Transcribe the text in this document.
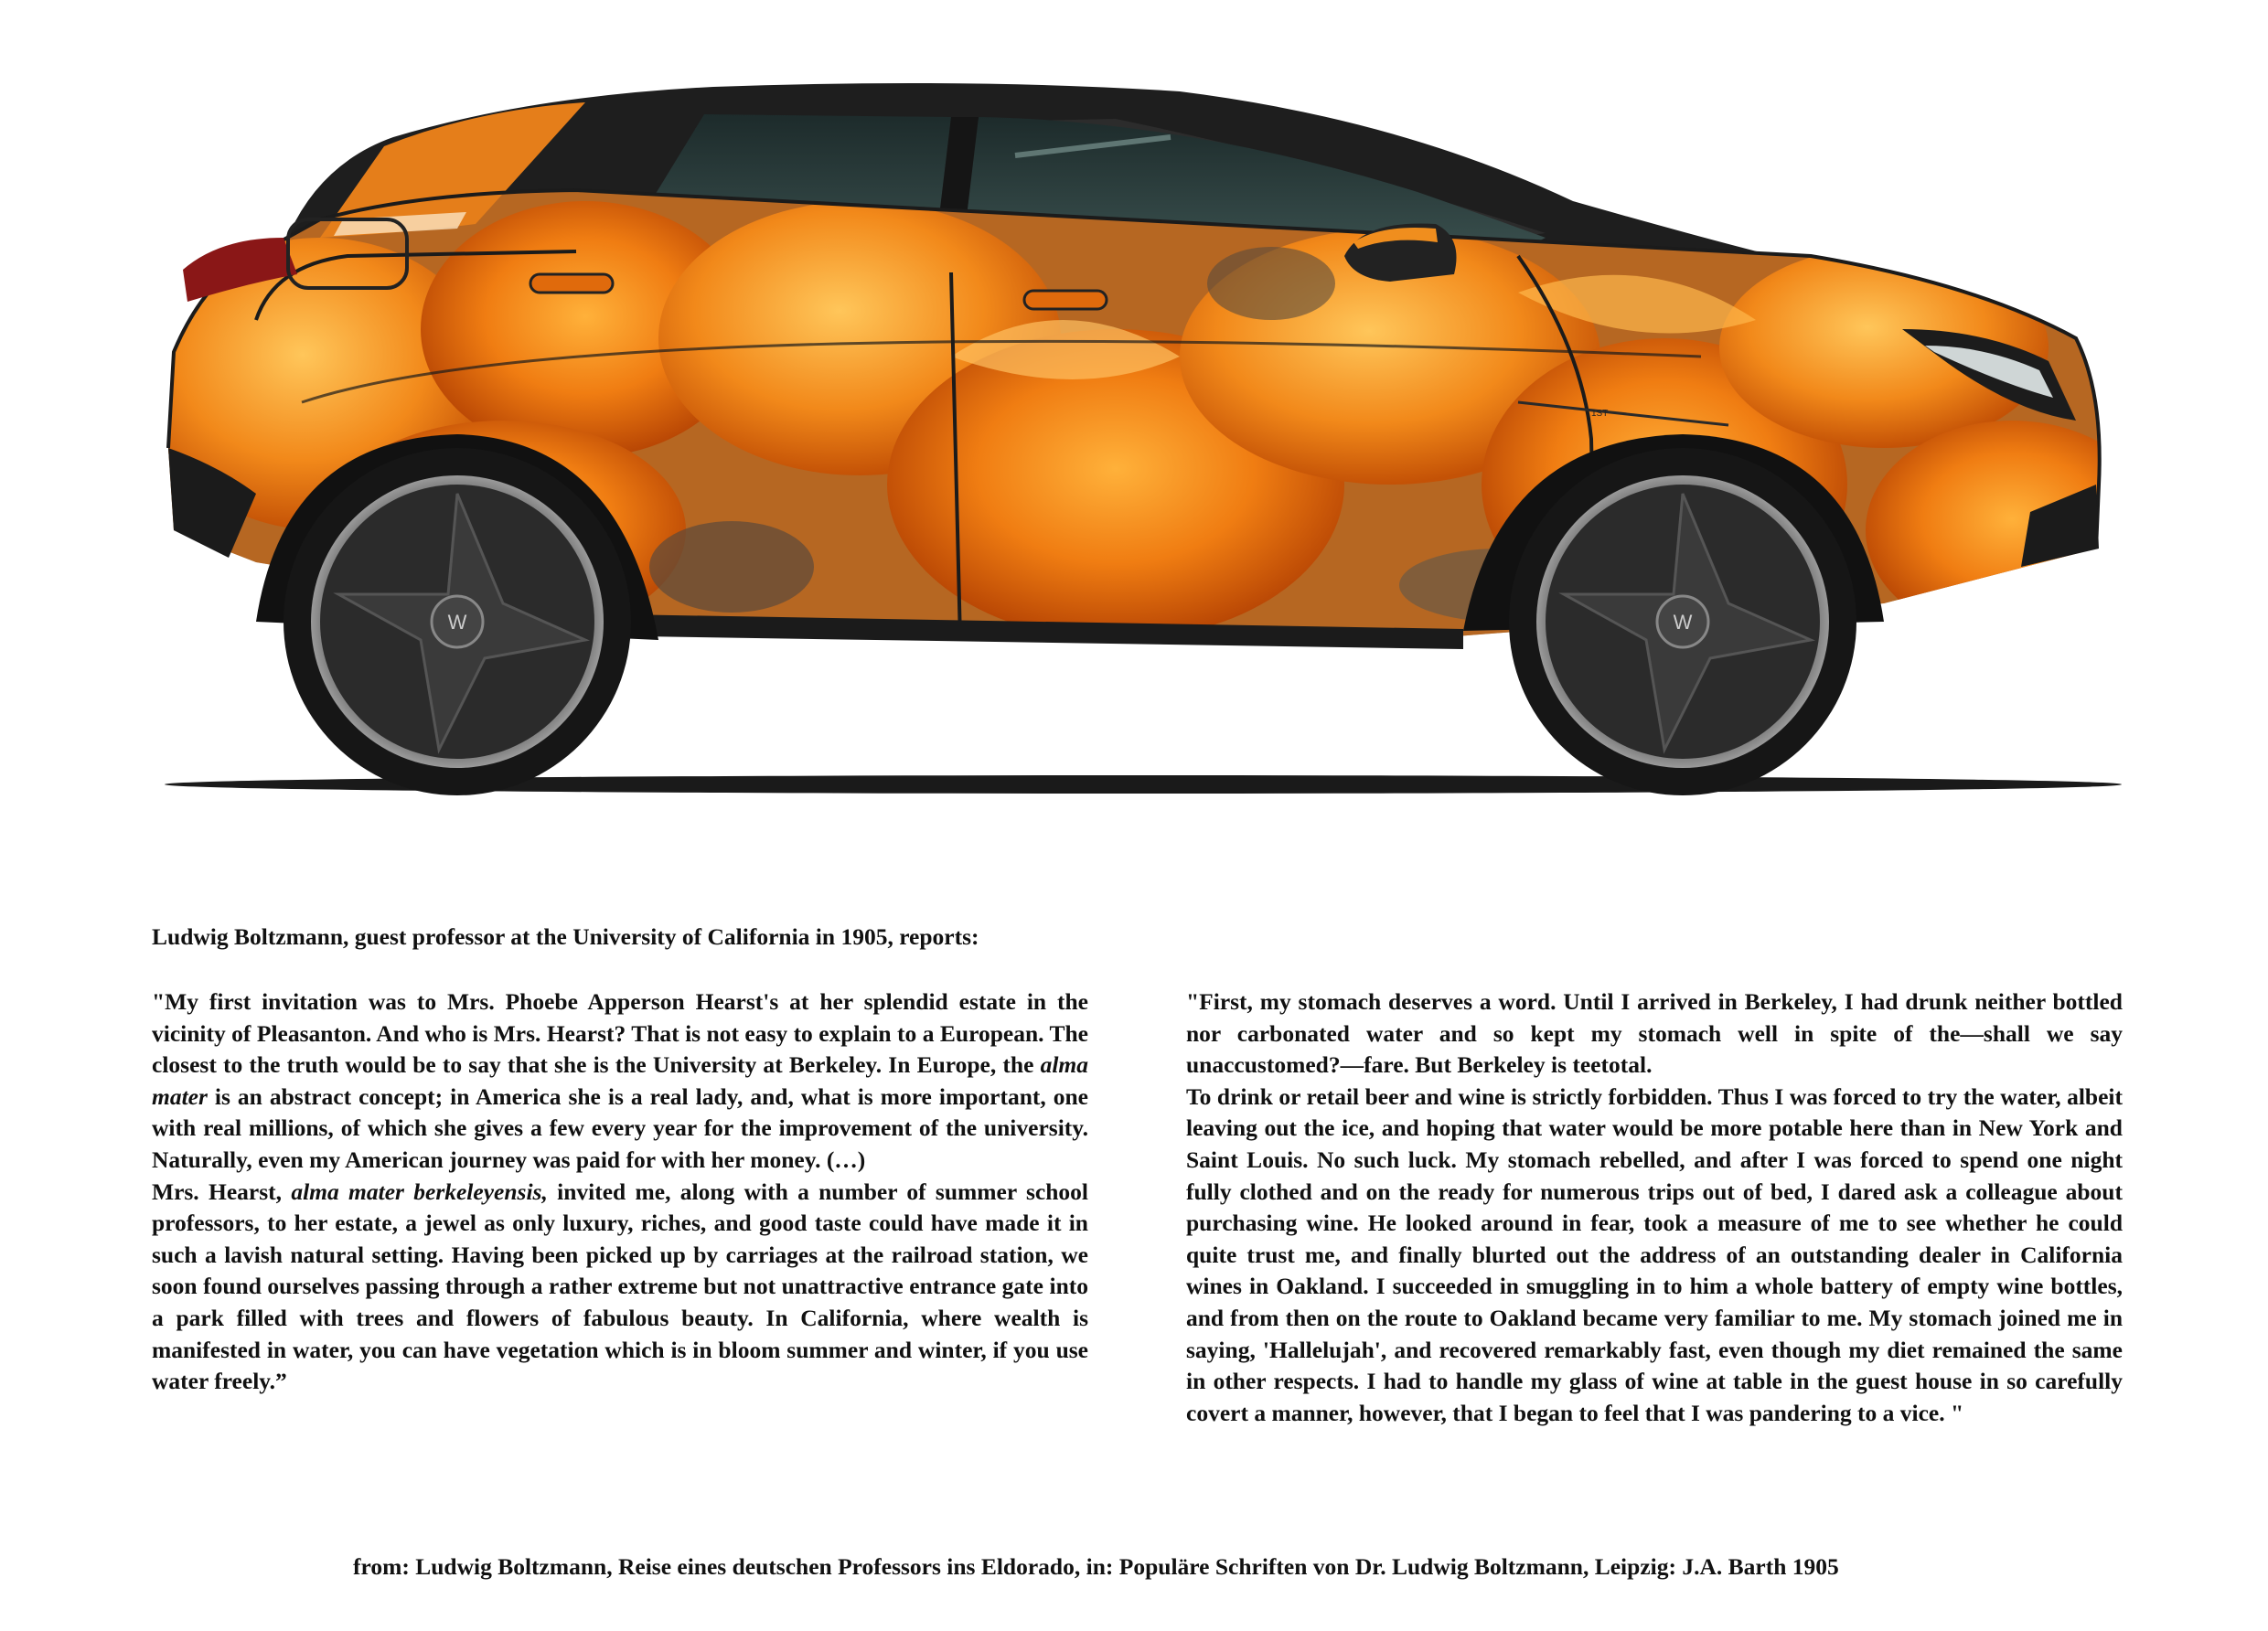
1ST
W	W
Ludwig Boltzmann, guest professor at the University of California in 1905, reports:

"My first invitation was to Mrs. Phoebe Apperson Hearst's at her splendid estate in the vicinity of Pleasanton. And who is Mrs. Hearst? That is not easy to explain to a European. The closest to the truth would be to say that she is the University at Berkeley. In Europe, the alma mater is an abstract concept; in America she is a real lady, and, what is more important, one with real millions, of which she gives a few every year for the improvement of the university. Naturally, even my American journey was paid for with her money. (…)

Mrs. Hearst, alma mater berkeleyensis, invited me, along with a number of summer school professors, to her estate, a jewel as only luxury, riches, and good taste could have made it in such a lavish natural setting. Having been picked up by carriages at the railroad station, we soon found ourselves passing through a rather extreme but not unattractive entrance gate into a park filled with trees and flowers of fabulous beauty. In California, where wealth is manifested in water, you can have vegetation which is in bloom summer and winter, if you use water freely.”

"First, my stomach deserves a word. Until I arrived in Berkeley, I had drunk neither bottled nor carbonated water and so kept my stomach well in spite of the—shall we say unaccustomed?—fare. But Berkeley is teetotal.

To drink or retail beer and wine is strictly forbidden. Thus I was forced to try the water, albeit leaving out the ice, and hoping that water would be more potable here than in New York and Saint Louis. No such luck. My stomach rebelled, and after I was forced to spend one night fully clothed and on the ready for numerous trips out of bed, I dared ask a colleague about purchasing wine. He looked around in fear, took a measure of me to see whether he could quite trust me, and finally blurted out the address of an outstanding dealer in California wines in Oakland. I succeeded in smuggling in to him a whole battery of empty wine bottles, and from then on the route to Oakland became very familiar to me. My stomach joined me in saying, 'Hallelujah', and recovered remarkably fast, even though my diet remained the same in other respects. I had to handle my glass of wine at table in the guest house in so carefully covert a manner, however, that I began to feel that I was pandering to a vice. "

from: Ludwig Boltzmann, Reise eines deutschen Professors ins Eldorado, in: Populäre Schriften von Dr. Ludwig Boltzmann, Leipzig: J.A. Barth 1905
